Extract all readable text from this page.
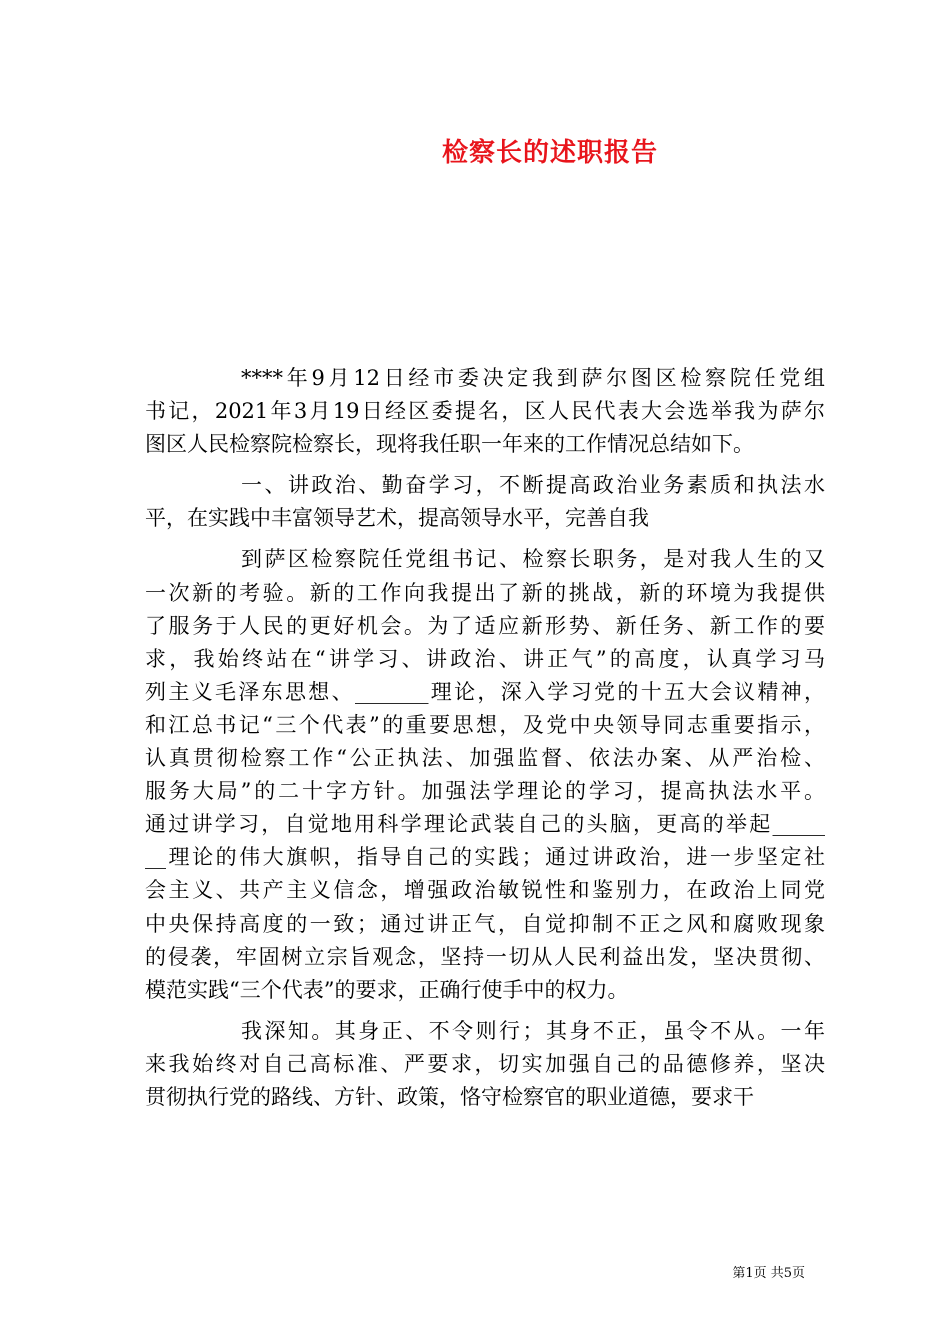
检察长的述职报告
****年9月12日经市委决定我到萨尔图区检察院任党组
书记，2021年3月19日经区委提名，区人民代表大会选举我为萨尔
图区人民检察院检察长，现将我任职一年来的工作情况总结如下。
一、讲政治、勤奋学习，不断提高政治业务素质和执法水
平，在实践中丰富领导艺术，提高领导水平，完善自我
到萨区检察院任党组书记、检察长职务，是对我人生的又
一次新的考验。新的工作向我提出了新的挑战，新的环境为我提供
了服务于人民的更好机会。为了适应新形势、新任务、新工作的要
求，我始终站在“讲学习、讲政治、讲正气”的高度，认真学习马
列主义毛泽东思想、_______理论，深入学习党的十五大会议精神，
和江总书记“三个代表”的重要思想，及党中央领导同志重要指示，
认真贯彻检察工作“公正执法、加强监督、依法办案、从严治检、
服务大局”的二十字方针。加强法学理论的学习，提高执法水平。
通过讲学习，自觉地用科学理论武装自己的头脑，更高的举起_____
__理论的伟大旗帜，指导自己的实践；通过讲政治，进一步坚定社
会主义、共产主义信念，增强政治敏锐性和鉴别力，在政治上同党
中央保持高度的一致；通过讲正气，自觉抑制不正之风和腐败现象
的侵袭，牢固树立宗旨观念，坚持一切从人民利益出发，坚决贯彻、
模范实践“三个代表”的要求，正确行使手中的权力。
我深知。其身正、不令则行；其身不正，虽令不从。一年
来我始终对自己高标准、严要求，切实加强自己的品德修养，坚决
贯彻执行党的路线、方针、政策，恪守检察官的职业道德，要求干
第1页 共5页
